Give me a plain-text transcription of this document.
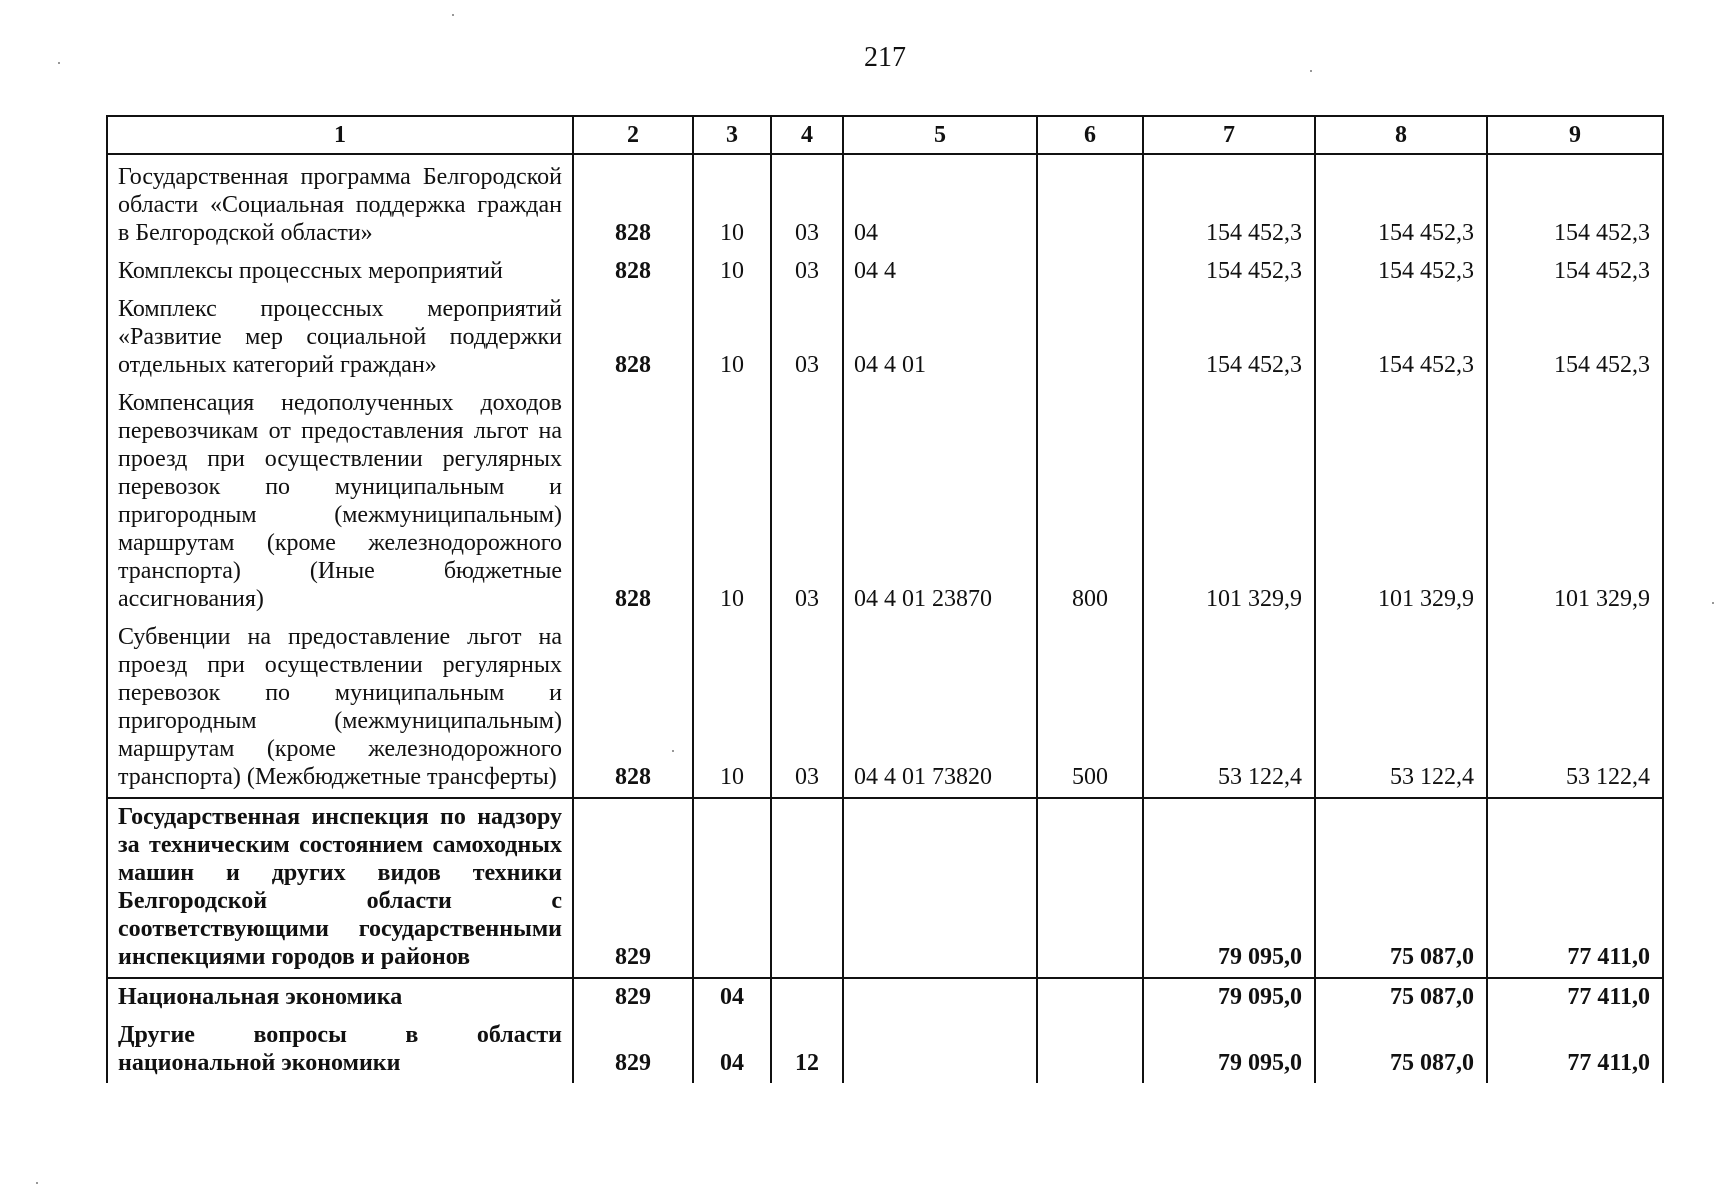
217
1	2	3	4	5	6	7	8	9
Государственная программа Белгородской области «Социальная поддержка граждан в Белгородской области»	828	10	03	04		154 452,3	154 452,3	154 452,3
Комплексы процессных мероприятий	828	10	03	04 4		154 452,3	154 452,3	154 452,3
Комплекс процессных мероприятий «Развитие мер социальной поддержки отдельных категорий граждан»	828	10	03	04 4 01		154 452,3	154 452,3	154 452,3
Компенсация недополученных доходов перевозчикам от предоставления льгот на проезд при осуществлении регулярных перевозок по муниципальным и пригородным (межмуниципальным) маршрутам (кроме железнодорожного транспорта) (Иные бюджетные ассигнования)	828	10	03	04 4 01 23870	800	101 329,9	101 329,9	101 329,9
Субвенции на предоставление льгот на проезд при осуществлении регулярных перевозок по муниципальным и пригородным (межмуниципальным) маршрутам (кроме железнодорожного транспорта) (Межбюджетные трансферты)	828	10	03	04 4 01 73820	500	53 122,4	53 122,4	53 122,4
Государственная инспекция по надзору за техническим состоянием самоходных машин и других видов техники Белгородской области с соответствующими государственными инспекциями городов и районов	829					79 095,0	75 087,0	77 411,0
Национальная экономика	829	04				79 095,0	75 087,0	77 411,0
Другие вопросы в области национальной экономики	829	04	12			79 095,0	75 087,0	77 411,0
